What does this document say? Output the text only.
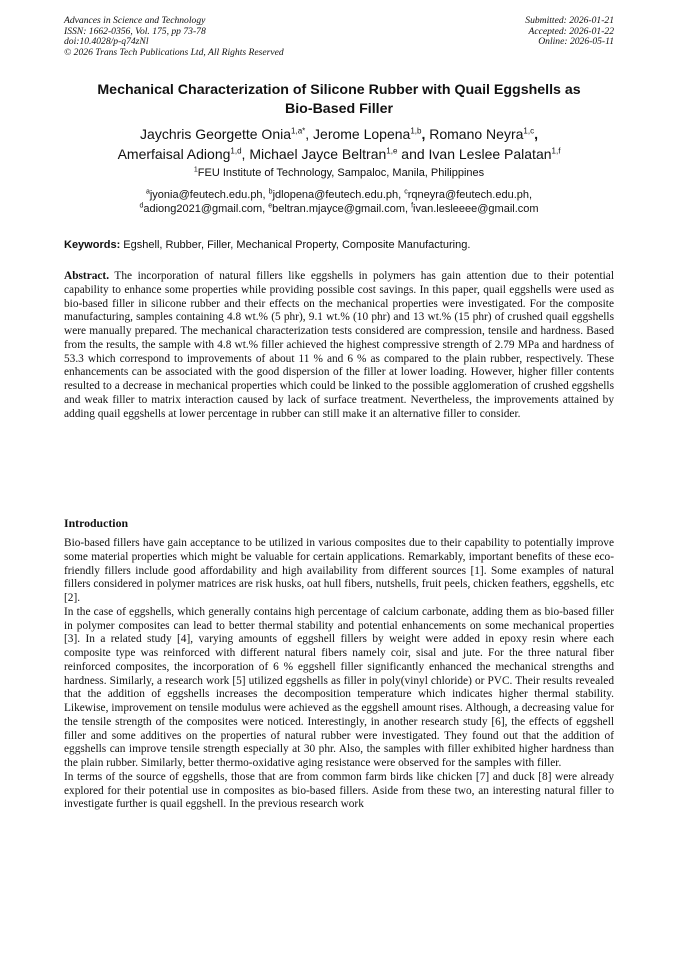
Advances in Science and Technology
ISSN: 1662-0356, Vol. 175, pp 73-78
doi:10.4028/p-q74zNl
© 2026 Trans Tech Publications Ltd, All Rights Reserved
Submitted: 2026-01-21
Accepted: 2026-01-22
Online: 2026-05-11
Mechanical Characterization of Silicone Rubber with Quail Eggshells as
Bio-Based Filler
Jaychris Georgette Onia$^{1,a*}$, Jerome Lopena$^{1,b}$, Romano Neyra$^{1,c}$,
Amerfaisal Adiong$^{1,d}$, Michael Jayce Beltran$^{1,e}$ and Ivan Leslee Palatan$^{1,f}$
$^1$FEU Institute of Technology, Sampaloc, Manila, Philippines
$^a$jyonia@feutech.edu.ph, $^b$jdlopena@feutech.edu.ph, $^c$rqneyra@feutech.edu.ph,
$^d$adiong2021@gmail.com, $^e$beltran.mjayce@gmail.com, $^f$ivan.lesleeee@gmail.com
Keywords: Egshell, Rubber, Filler, Mechanical Property, Composite Manufacturing.

Abstract. The incorporation of natural fillers like eggshells in polymers has gain attention due to their potential capability to enhance some properties while providing possible cost savings. In this paper, quail eggshells were used as bio-based filler in silicone rubber and their effects on the mechanical properties were investigated. For the composite manufacturing, samples containing 4.8 wt.% (5 phr), 9.1 wt.% (10 phr) and 13 wt.% (15 phr) of crushed quail eggshells were manually prepared. The mechanical characterization tests considered are compression, tensile and hardness. Based from the results, the sample with 4.8 wt.% filler achieved the highest compressive strength of 2.79 MPa and hardness of 53.3 which correspond to improvements of about 11 % and 6 % as compared to the plain rubber, respectively. These enhancements can be associated with the good dispersion of the filler at lower loading. However, higher filler contents resulted to a decrease in mechanical properties which could be linked to the possible agglomeration of crushed eggshells and weak filler to matrix interaction caused by lack of surface treatment. Nevertheless, the improvements attained by adding quail eggshells at lower percentage in rubber can still make it an alternative filler to consider.

Introduction

Bio-based fillers have gain acceptance to be utilized in various composites due to their capability to potentially improve some material properties which might be valuable for certain applications. Remarkably, important benefits of these eco-friendly fillers include good affordability and high availability from different sources [1]. Some examples of natural fillers considered in polymer matrices are risk husks, oat hull fibers, nutshells, fruit peels, chicken feathers, eggshells, etc [2].

In the case of eggshells, which generally contains high percentage of calcium carbonate, adding them as bio-based filler in polymer composites can lead to better thermal stability and potential enhancements on some mechanical properties [3]. In a related study [4], varying amounts of eggshell fillers by weight were added in epoxy resin where each composite type was reinforced with different natural fibers namely coir, sisal and jute. For the three natural fiber reinforced composites, the incorporation of 6 % eggshell filler significantly enhanced the mechanical strengths and hardness. Similarly, a research work [5] utilized eggshells as filler in poly(vinyl chloride) or PVC. Their results revealed that the addition of eggshells increases the decomposition temperature which indicates higher thermal stability. Likewise, improvement on tensile modulus were achieved as the eggshell amount rises. Although, a decreasing value for the tensile strength of the composites were noticed. Interestingly, in another research study [6], the effects of eggshell filler and some additives on the properties of natural rubber were investigated. They found out that the addition of eggshells can improve tensile strength especially at 30 phr. Also, the samples with filler exhibited higher hardness than the plain rubber. Similarly, better thermo-oxidative aging resistance were observed for the samples with filler.

In terms of the source of eggshells, those that are from common farm birds like chicken [7] and duck [8] were already explored for their potential use in composites as bio-based fillers. Aside from these two, an interesting natural filler to investigate further is quail eggshell. In the previous research work
